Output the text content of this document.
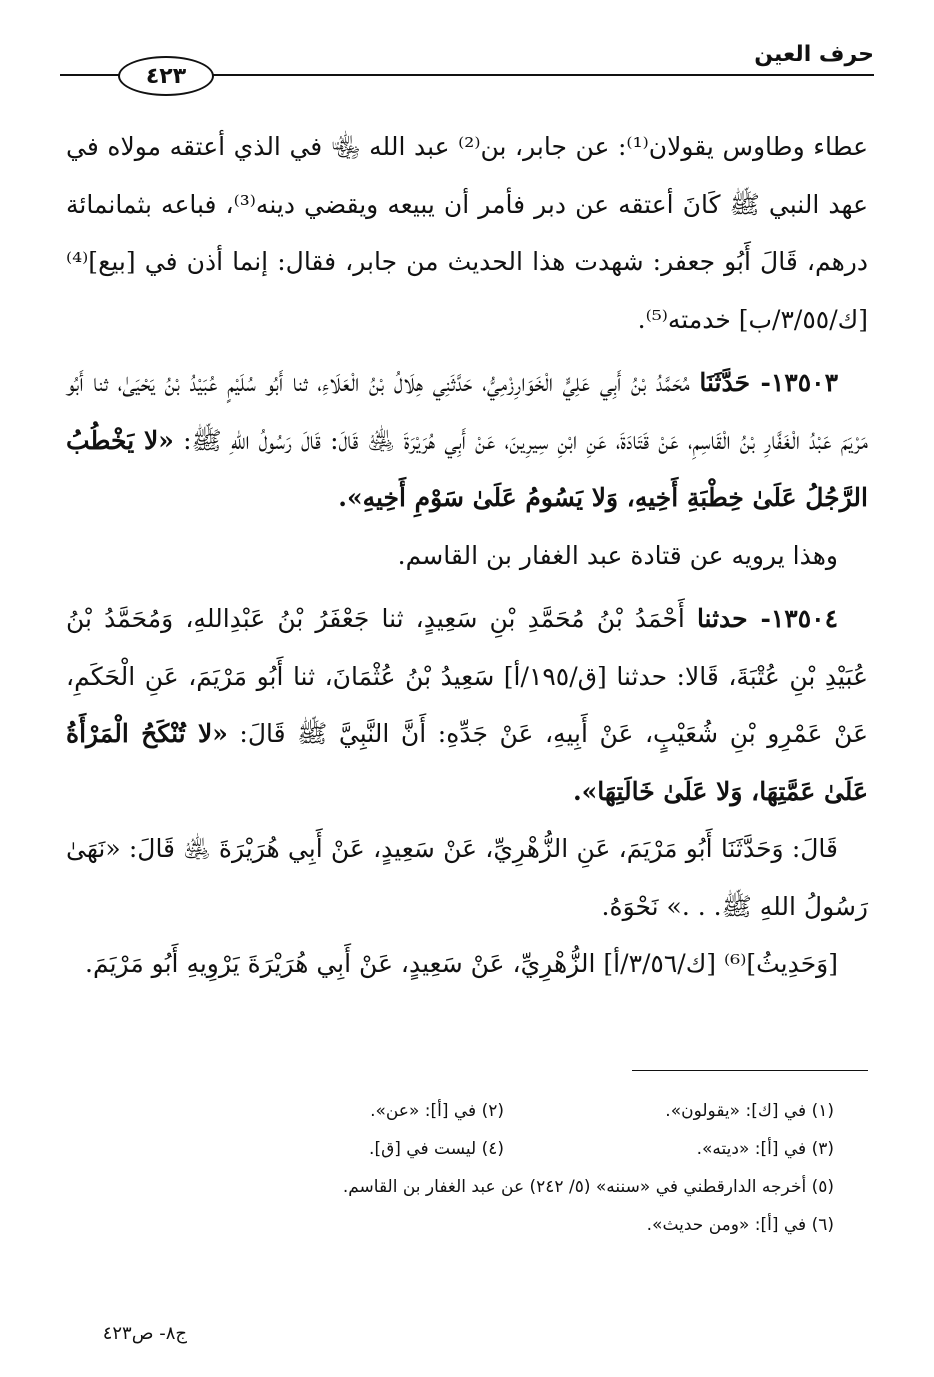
حرف العين
٤٢٣

عطاء وطاوس يقولان⁽¹⁾: عن جابر، بن⁽²⁾ عبد الله ﵄ في الذي أعتقه مولاه في عهد النبي ﷺ كَانَ أعتقه عن دبر فأمر أن يبيعه ويقضي دينه⁽³⁾، فباعه بثمانمائة درهم، قَالَ أَبُو جعفر: شهدت هذا الحديث من جابر، فقال: إنما أذن في [بيع]⁽⁴⁾ [ك/٣/٥٥/ب] خدمته⁽⁵⁾.

١٣٥٠٣- حَدَّثَنَا مُحَمَّدُ بْنُ أَبِي عَلِيٍّ الْخَوَارِزْمِيُّ، حَدَّثَنِي هِلَالُ بْنُ الْعَلَاءِ، ثنا أَبُو سُلَيْمٍ عُبَيْدُ بْنُ يَحْيَىٰ، ثنا أَبُو مَرْيَمَ عَبْدُ الْغَفَّارِ بْنُ الْقَاسِمِ، عَنْ قَتَادَةَ، عَنِ ابْنِ سِيرِينَ، عَنْ أَبِي هُرَيْرَةَ ﵁ قَالَ: قَالَ رَسُولُ اللهِ ﷺ: «لا يَخْطُبُ الرَّجُلُ عَلَىٰ خِطْبَةِ أَخِيهِ، وَلا يَسُومُ عَلَىٰ سَوْمِ أَخِيهِ».

وهذا يرويه عن قتادة عبد الغفار بن القاسم.

١٣٥٠٤- حدثنا أَحْمَدُ بْنُ مُحَمَّدِ بْنِ سَعِيدٍ، ثنا جَعْفَرُ بْنُ عَبْدِاللهِ، وَمُحَمَّدُ بْنُ عُبَيْدِ بْنِ عُتْبَةَ، قَالا: حدثنا [ق/١٩٥/أ] سَعِيدُ بْنُ عُثْمَانَ، ثنا أَبُو مَرْيَمَ، عَنِ الْحَكَمِ، عَنْ عَمْرِو بْنِ شُعَيْبٍ، عَنْ أَبِيهِ، عَنْ جَدِّهِ: أَنَّ النَّبِيَّ ﷺ قَالَ: «لا تُنْكَحُ الْمَرْأَةُ عَلَىٰ عَمَّتِهَا، وَلا عَلَىٰ خَالَتِهَا».

قَالَ: وَحَدَّثَنَا أَبُو مَرْيَمَ، عَنِ الزُّهْرِيِّ، عَنْ سَعِيدٍ، عَنْ أَبِي هُرَيْرَةَ ﵁ قَالَ: «نَهَىٰ رَسُولُ اللهِ ﷺ. . .» نَحْوَهُ.

[وَحَدِيثُ]⁽⁶⁾ [ك/٣/٥٦/أ] الزُّهْرِيِّ، عَنْ سَعِيدٍ، عَنْ أَبِي هُرَيْرَةَ يَرْوِيهِ أَبُو مَرْيَمَ.

(١) في [ك]: «يقولون».
(٢) في [أ]: «عن».
(٣) في [أ]: «ديته».
(٤) ليست في [ق].
(٥) أخرجه الدارقطني في «سننه» (٥/ ٢٤٢) عن عبد الغفار بن القاسم.
(٦) في [أ]: «ومن حديث».
ج٨- ص٤٢٣
